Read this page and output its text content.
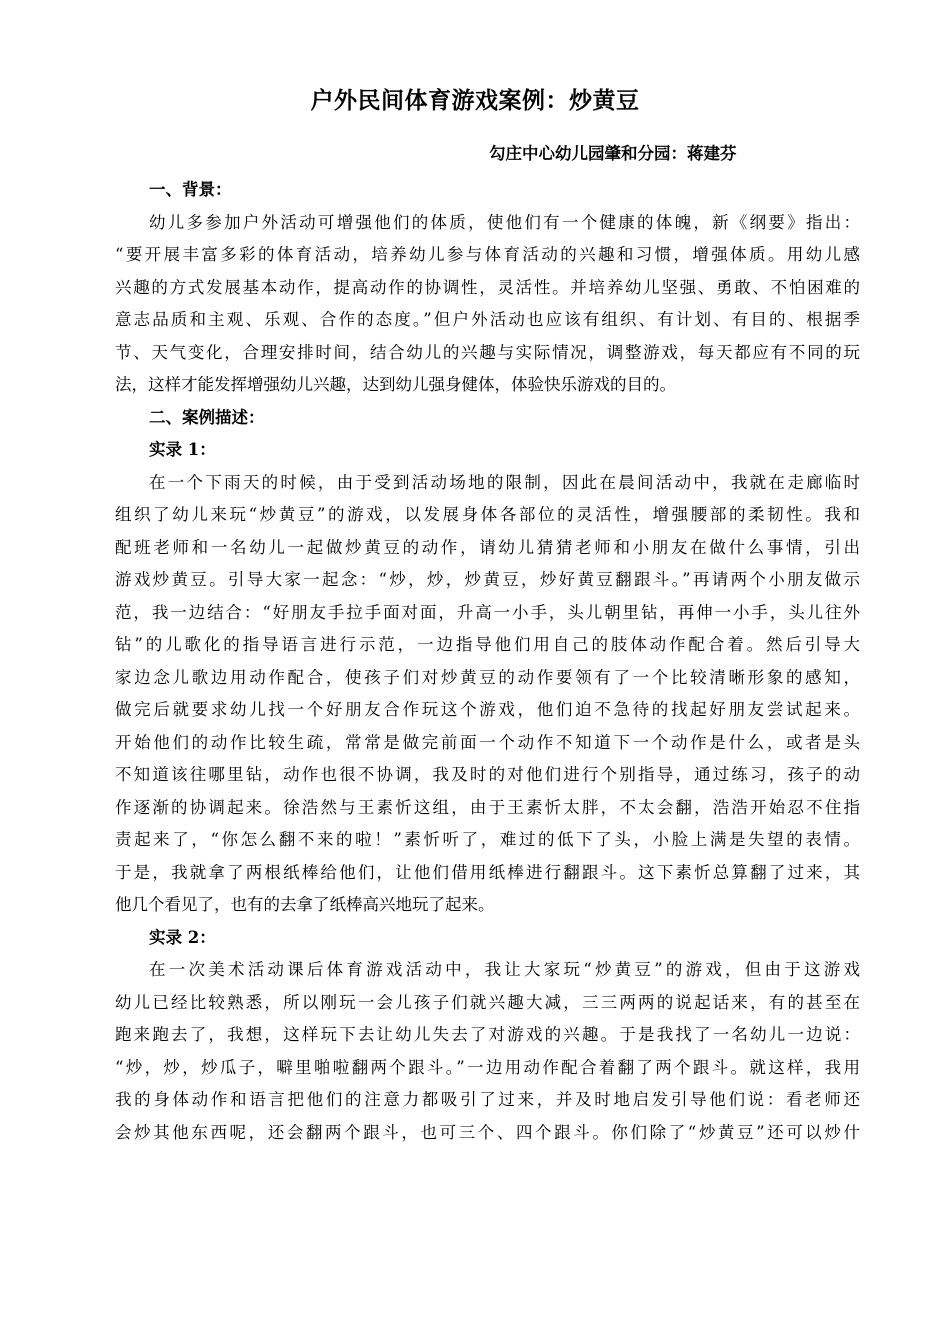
户外民间体育游戏案例：炒黄豆
勾庄中心幼儿园肇和分园：蒋建芬
一、背景：
幼儿多参加户外活动可增强他们的体质，使他们有一个健康的体魄，新《纲要》指出：
“要开展丰富多彩的体育活动，培养幼儿参与体育活动的兴趣和习惯，增强体质。用幼儿感
兴趣的方式发展基本动作，提高动作的协调性，灵活性。并培养幼儿坚强、勇敢、不怕困难的
意志品质和主观、乐观、合作的态度。”但户外活动也应该有组织、有计划、有目的、根据季
节、天气变化，合理安排时间，结合幼儿的兴趣与实际情况，调整游戏，每天都应有不同的玩
法，这样才能发挥增强幼儿兴趣，达到幼儿强身健体，体验快乐游戏的目的。
二、案例描述：
实录 1：
在一个下雨天的时候，由于受到活动场地的限制，因此在晨间活动中，我就在走廊临时
组织了幼儿来玩“炒黄豆”的游戏，以发展身体各部位的灵活性，增强腰部的柔韧性。我和
配班老师和一名幼儿一起做炒黄豆的动作，请幼儿猜猜老师和小朋友在做什么事情，引出
游戏炒黄豆。引导大家一起念：“炒，炒，炒黄豆，炒好黄豆翻跟斗。”再请两个小朋友做示
范，我一边结合：“好朋友手拉手面对面，升高一小手，头儿朝里钻，再伸一小手，头儿往外
钻”的儿歌化的指导语言进行示范，一边指导他们用自己的肢体动作配合着。然后引导大
家边念儿歌边用动作配合，使孩子们对炒黄豆的动作要领有了一个比较清晰形象的感知，
做完后就要求幼儿找一个好朋友合作玩这个游戏，他们迫不急待的找起好朋友尝试起来。
开始他们的动作比较生疏，常常是做完前面一个动作不知道下一个动作是什么，或者是头
不知道该往哪里钻，动作也很不协调，我及时的对他们进行个别指导，通过练习，孩子的动
作逐渐的协调起来。徐浩然与王素忻这组，由于王素忻太胖，不太会翻，浩浩开始忍不住指
责起来了，“你怎么翻不来的啦！”素忻听了，难过的低下了头，小脸上满是失望的表情。
于是，我就拿了两根纸棒给他们，让他们借用纸棒进行翻跟斗。这下素忻总算翻了过来，其
他几个看见了，也有的去拿了纸棒高兴地玩了起来。
实录 2：
在一次美术活动课后体育游戏活动中，我让大家玩“炒黄豆”的游戏，但由于这游戏
幼儿已经比较熟悉，所以刚玩一会儿孩子们就兴趣大减，三三两两的说起话来，有的甚至在
跑来跑去了，我想，这样玩下去让幼儿失去了对游戏的兴趣。于是我找了一名幼儿一边说：
“炒，炒，炒瓜子，噼里啪啦翻两个跟斗。”一边用动作配合着翻了两个跟斗。就这样，我用
我的身体动作和语言把他们的注意力都吸引了过来，并及时地启发引导他们说：看老师还
会炒其他东西呢，还会翻两个跟斗，也可三个、四个跟斗。你们除了“炒黄豆”还可以炒什
